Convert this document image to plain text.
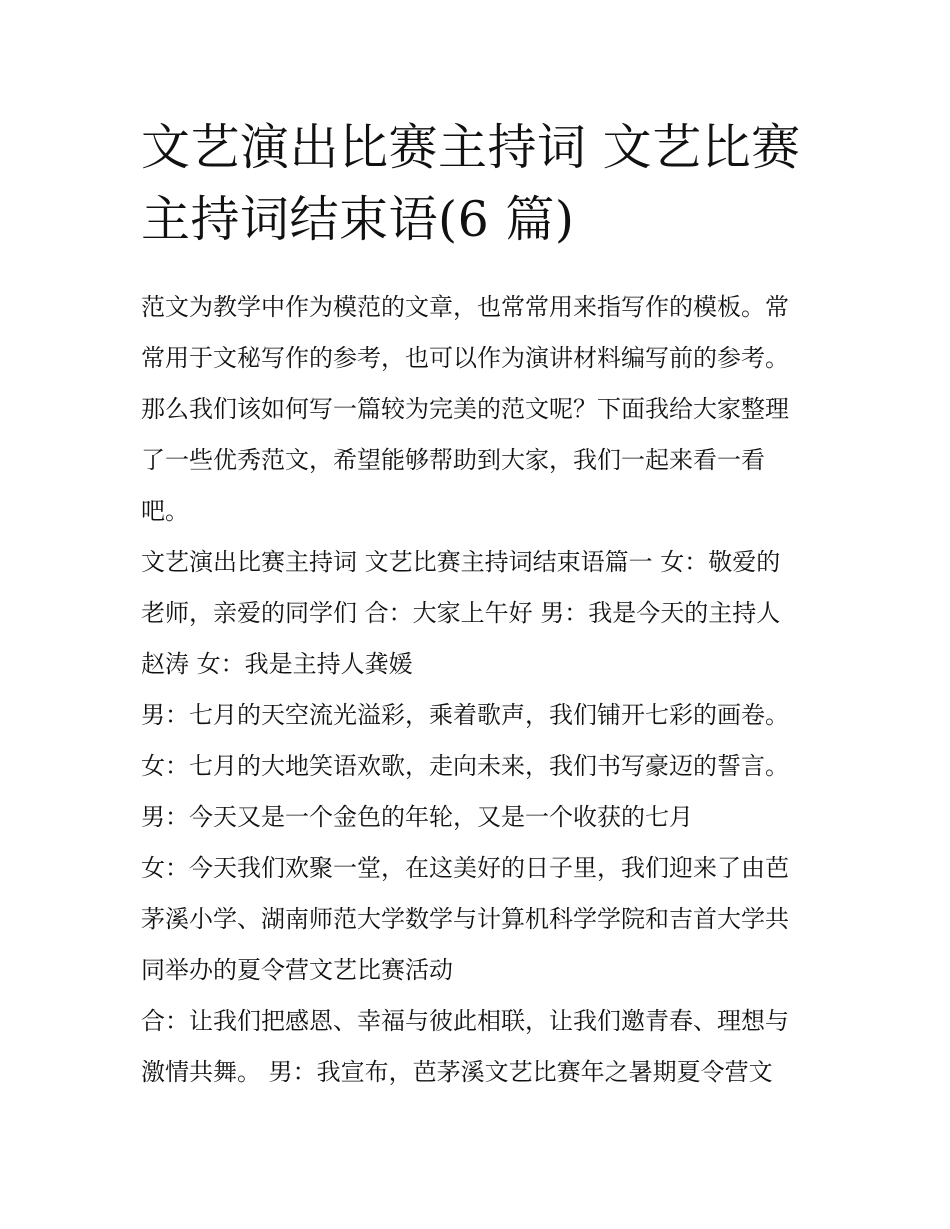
文艺演出比赛主持词 文艺比赛
主持词结束语(6 篇)

范文为教学中作为模范的文章，也常常用来指写作的模板。常

常用于文秘写作的参考，也可以作为演讲材料编写前的参考。

那么我们该如何写一篇较为完美的范文呢？下面我给大家整理

了一些优秀范文，希望能够帮助到大家，我们一起来看一看

吧。

文艺演出比赛主持词 文艺比赛主持词结束语篇一 女：敬爱的

老师，亲爱的同学们 合：大家上午好 男：我是今天的主持人

赵涛 女：我是主持人龚媛

男：七月的天空流光溢彩，乘着歌声，我们铺开七彩的画卷。

女：七月的大地笑语欢歌，走向未来，我们书写豪迈的誓言。

男：今天又是一个金色的年轮，又是一个收获的七月

女：今天我们欢聚一堂，在这美好的日子里，我们迎来了由芭

茅溪小学、湖南师范大学数学与计算机科学学院和吉首大学共

同举办的夏令营文艺比赛活动

合：让我们把感恩、幸福与彼此相联，让我们邀青春、理想与

激情共舞。 男：我宣布，芭茅溪文艺比赛年之暑期夏令营文
